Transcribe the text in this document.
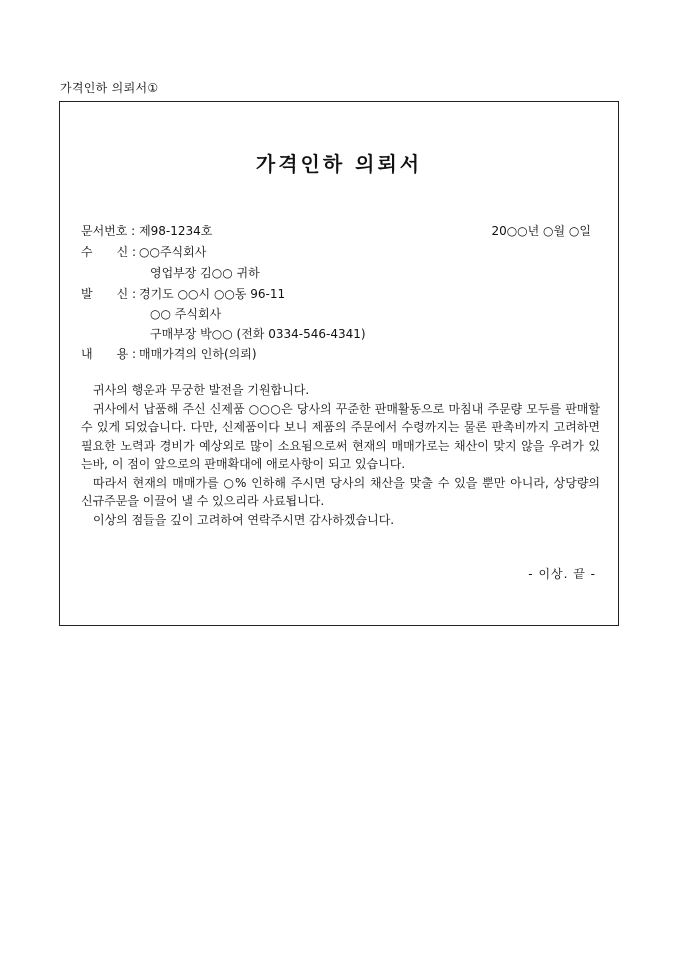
가격인하 의뢰서①
가격인하 의뢰서
문서번호 : 제98-1234호	20○○년 ○월 ○일
수　　신 : ○○주식회사
영업부장 김○○ 귀하
발　　신 : 경기도 ○○시 ○○동 96-11
○○ 주식회사
구매부장 박○○ (전화 0334-546-4341)
내　　용 : 매매가격의 인하(의뢰)

귀사의 행운과 무궁한 발전을 기원합니다.

귀사에서 납품해 주신 신제품 ○○○은 당사의 꾸준한 판매활동으로 마침내 주문량 모두를 판매할 수 있게 되었습니다. 다만, 신제품이다 보니 제품의 주문에서 수령까지는 물론 판촉비까지 고려하면 필요한 노력과 경비가 예상외로 많이 소요됨으로써 현재의 매매가로는 채산이 맞지 않을 우려가 있는바, 이 점이 앞으로의 판매확대에 애로사항이 되고 있습니다.

따라서 현재의 매매가를 ○% 인하해 주시면 당사의 채산을 맞출 수 있을 뿐만 아니라, 상당량의 신규주문을 이끌어 낼 수 있으리라 사료됩니다.

이상의 점들을 깊이 고려하여 연락주시면 감사하겠습니다.

- 이상. 끝 -
